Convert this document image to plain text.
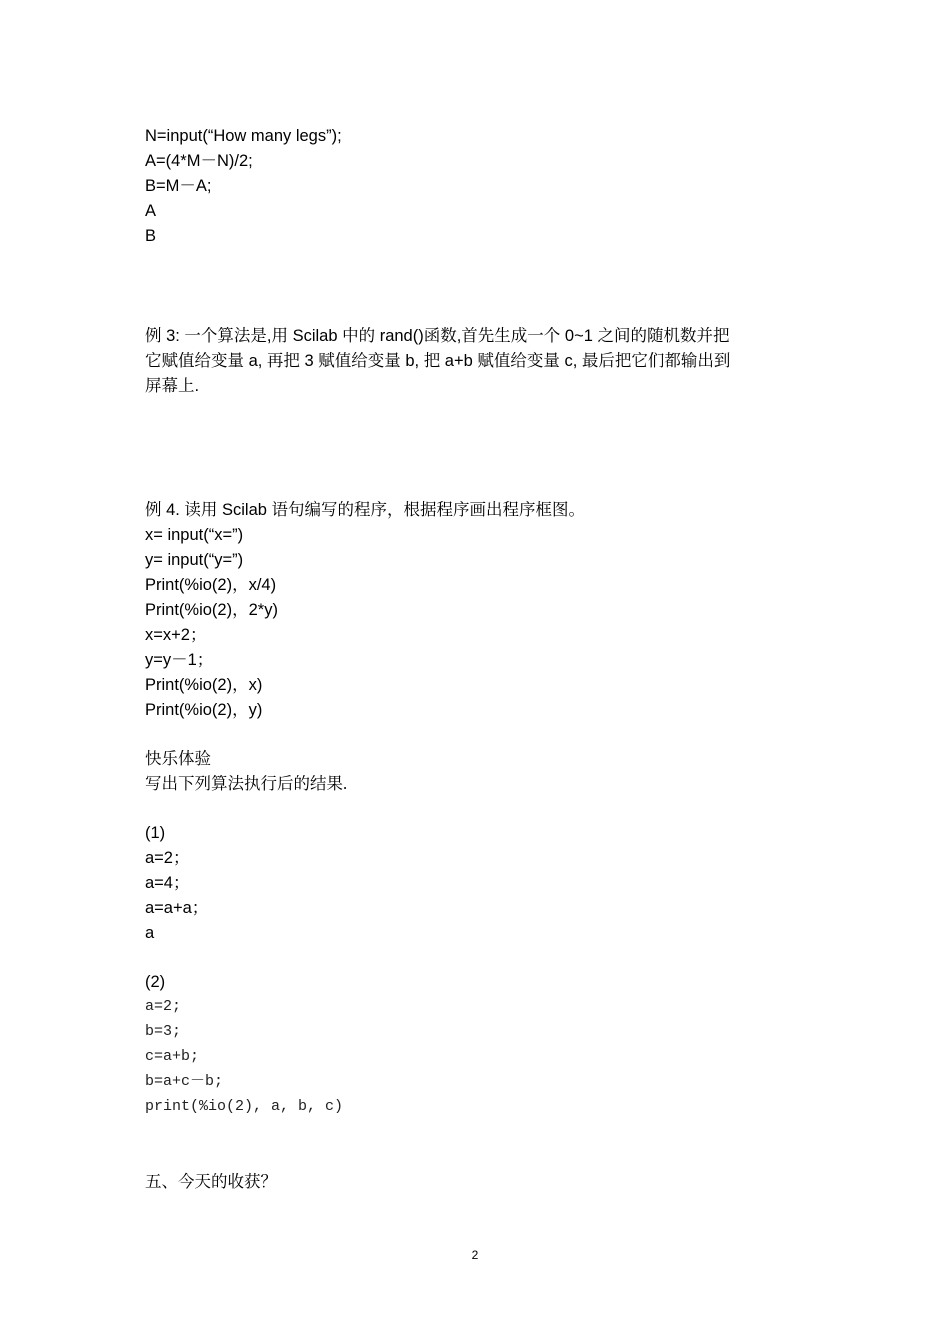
N=input(“How many legs”);
A=(4*M－N)/2;
B=M－A;
A
B
例 3: 一个算法是,用 Scilab 中的 rand()函数,首先生成一个 0~1 之间的随机数并把
它赋值给变量 a, 再把 3 赋值给变量 b, 把 a+b 赋值给变量 c, 最后把它们都输出到
屏幕上.
例 4. 读用 Scilab 语句编写的程序，根据程序画出程序框图。
x= input(“x=”)
y= input(“y=”)
Print(%io(2)，x/4)
Print(%io(2)，2*y)
x=x+2；
y=y－1；
Print(%io(2)，x)
Print(%io(2)，y)
快乐体验
写出下列算法执行后的结果.
(1)
a=2；
a=4；
a=a+a；
a
(2)
a=2;
b=3;
c=a+b;
b=a+c－b;
print(%io(2), a, b, c)
五、今天的收获？
2
